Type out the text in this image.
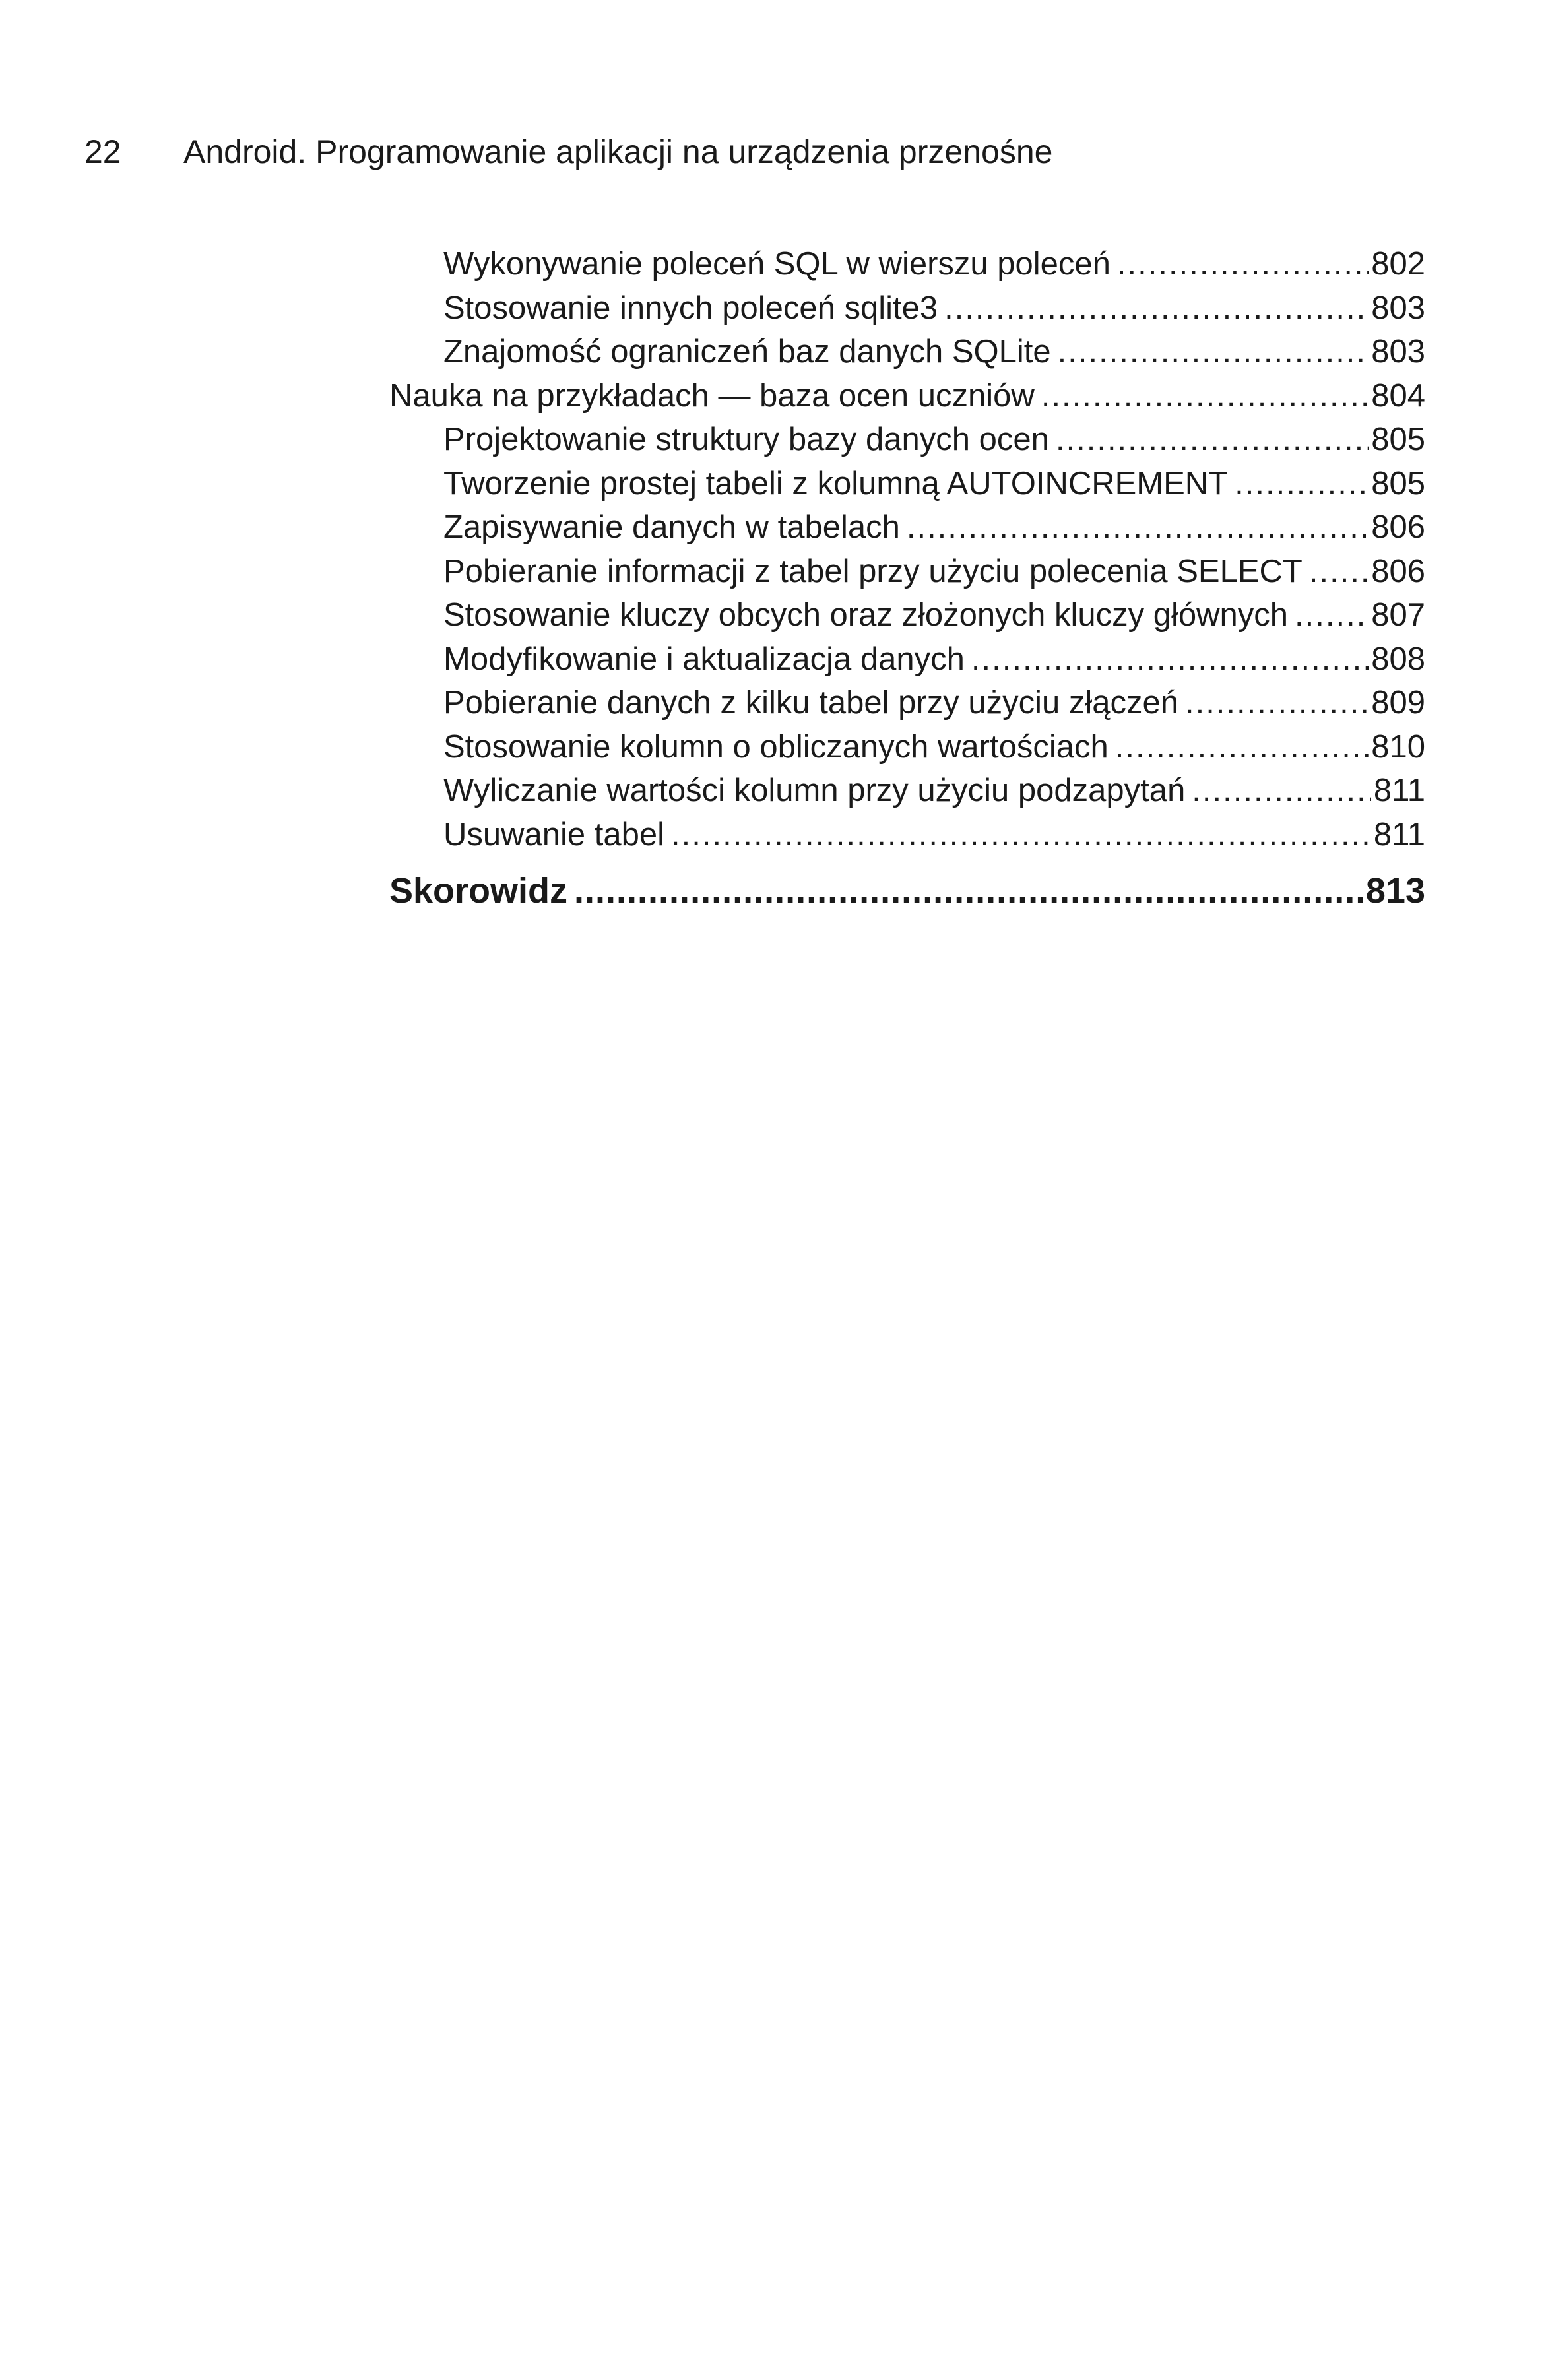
22 Android. Programowanie aplikacji na urządzenia przenośne
Wykonywanie poleceń SQL w wierszu poleceń .....	802
Stosowanie innych poleceń sqlite3 .....	803
Znajomość ograniczeń baz danych SQLite .....	803
Nauka na przykładach — baza ocen uczniów .....	804
Projektowanie struktury bazy danych ocen .....	805
Tworzenie prostej tabeli z kolumną AUTOINCREMENT .....	805
Zapisywanie danych w tabelach .....	806
Pobieranie informacji z tabel przy użyciu polecenia SELECT ..... 806
Stosowanie kluczy obcych oraz złożonych kluczy głównych .....	807
Modyfikowanie i aktualizacja danych .....	808
Pobieranie danych z kilku tabel przy użyciu złączeń .....	809
Stosowanie kolumn o obliczanych wartościach .....	810
Wyliczanie wartości kolumn przy użyciu podzapytań .....	811
Usuwanie tabel .....	811
Skorowidz .....	813
